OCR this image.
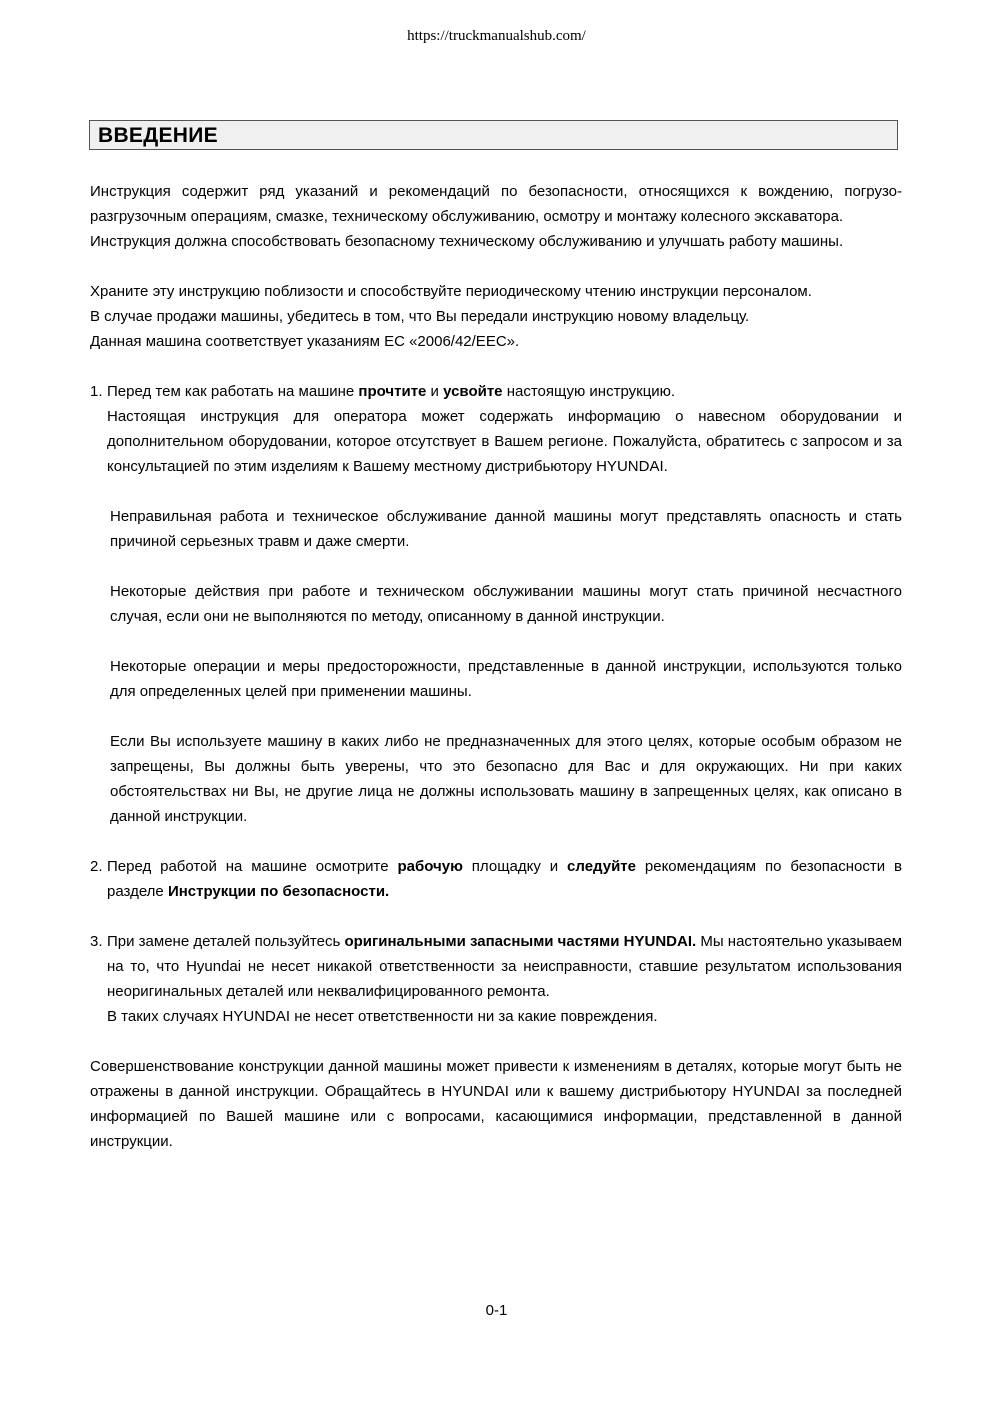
https://truckmanualshub.com/
ВВЕДЕНИЕ

Инструкция содержит ряд указаний и рекомендаций по безопасности, относящихся к вождению, погрузо-разгрузочным операциям, смазке, техническому обслуживанию, осмотру и монтажу колесного экскаватора.

Инструкция должна способствовать безопасному техническому обслуживанию и улучшать работу машины.

Храните эту инструкцию поблизости и способствуйте периодическому чтению инструкции персоналом.

В случае продажи машины, убедитесь в том, что Вы передали инструкцию новому владельцу.

Данная машина соответствует указаниям ЕС «2006/42/EEC».

1. Перед тем как работать на машине прочтите и усвойте настоящую инструкцию.

Настоящая инструкция для оператора может содержать информацию о навесном оборудовании и дополнительном оборудовании, которое отсутствует в Вашем регионе. Пожалуйста, обратитесь с запросом и за консультацией по этим изделиям к Вашему местному дистрибьютору HYUNDAI.

Неправильная работа и техническое обслуживание данной машины могут представлять опасность и стать причиной серьезных травм и даже смерти.

Некоторые действия при работе и техническом обслуживании машины могут стать причиной несчастного случая, если они не выполняются по методу, описанному в данной инструкции.

Некоторые операции и меры предосторожности, представленные в данной инструкции, используются только для определенных целей при применении машины.

Если Вы используете машину в каких либо не предназначенных для этого целях, которые особым образом не запрещены, Вы должны быть уверены, что это безопасно для Вас и для окружающих. Ни при каких обстоятельствах ни Вы, не другие лица не должны использовать машину в запрещенных целях, как описано в данной инструкции.

2. Перед работой на машине осмотрите рабочую площадку и следуйте рекомендациям по безопасности в разделе Инструкции по безопасности.

3. При замене деталей пользуйтесь оригинальными запасными частями HYUNDAI. Мы настоятельно указываем на то, что Hyundai не несет никакой ответственности за неисправности, ставшие результатом использования неоригинальных деталей или неквалифицированного ремонта.

В таких случаях HYUNDAI не несет ответственности ни за какие повреждения.

Совершенствование конструкции данной машины может привести к изменениям в деталях, которые могут быть не отражены в данной инструкции. Обращайтесь в HYUNDAI или к вашему дистрибьютору HYUNDAI за последней информацией по Вашей машине или с вопросами, касающимися информации, представленной в данной инструкции.

0-1
